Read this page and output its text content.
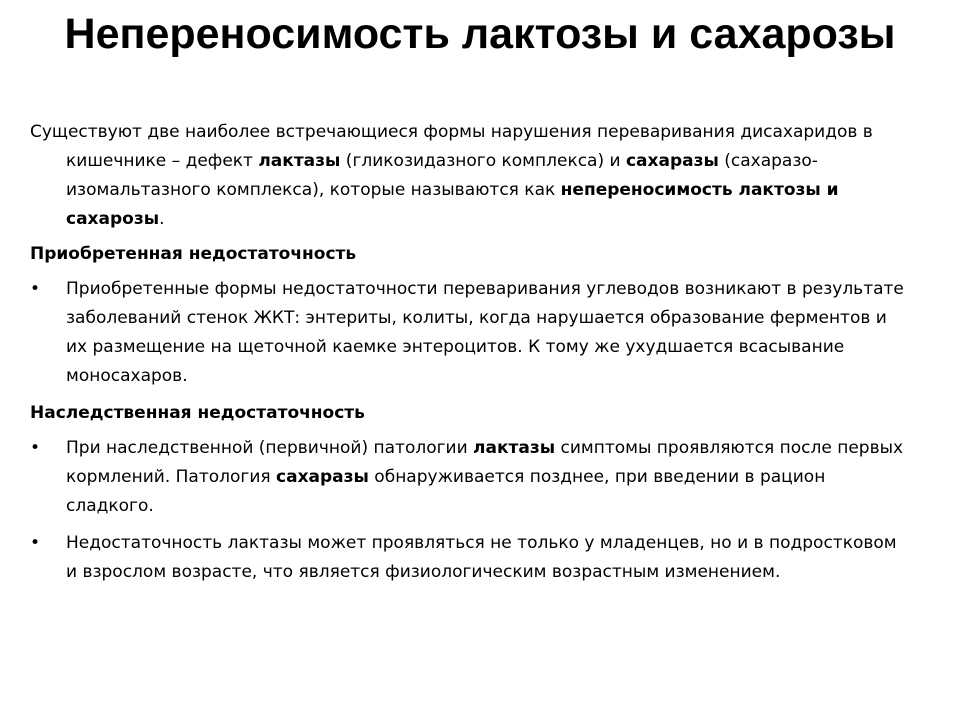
Непереносимость лактозы и сахарозы

Существуют две наиболее встречающиеся формы нарушения переваривания дисахаридов в кишечнике – дефект лактазы (гликозидазного комплекса) и сахаразы (сахаразо-изомальтазного комплекса), которые называются как непереносимость лактозы и сахарозы.

Приобретенная недостаточность

•	Приобретенные формы недостаточности переваривания углеводов возникают в результате заболеваний стенок ЖКТ: энтериты, колиты, когда нарушается образование ферментов и их размещение на щеточной каемке энтероцитов. К тому же ухудшается всасывание моносахаров.

Наследственная недостаточность

•	При наследственной (первичной) патологии лактазы симптомы проявляются после первых кормлений. Патология сахаразы обнаруживается позднее, при введении в рацион сладкого.
•	Недостаточность лактазы может проявляться не только у младенцев, но и в подростковом и взрослом возрасте, что является физиологическим возрастным изменением.
